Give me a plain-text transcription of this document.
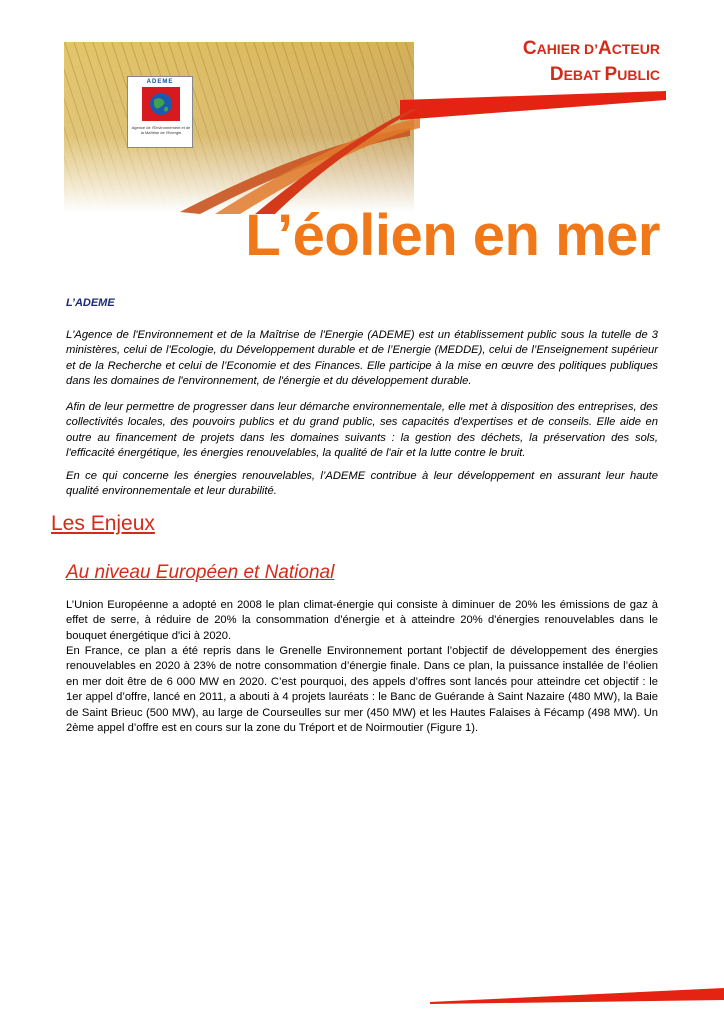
ADEME
Agence de l'Environnement et de la Maîtrise de l'Energie
CAHIER D’ACTEUR
DEBAT PUBLIC
L’éolien en mer
L’ADEME

L'Agence de l'Environnement et de la Maîtrise de l'Energie (ADEME) est un établissement public sous la tutelle de 3 ministères, celui de l'Ecologie, du Développement durable et de l’Energie (MEDDE), celui de l’Enseignement supérieur et de la Recherche et celui de l’Economie et des Finances. Elle participe à la mise en œuvre des politiques publiques dans les domaines de l'environnement, de l'énergie et du développement durable.

Afin de leur permettre de progresser dans leur démarche environnementale, elle met à disposition des entreprises, des collectivités locales, des pouvoirs publics et du grand public, ses capacités d'expertises et de conseils. Elle aide en outre au financement de projets dans les domaines suivants : la gestion des déchets, la préservation des sols, l'efficacité énergétique, les énergies renouvelables, la qualité de l'air et la lutte contre le bruit.

En ce qui concerne les énergies renouvelables, l’ADEME contribue à leur développement en assurant leur haute qualité environnementale et leur durabilité.

Les Enjeux
Au niveau Européen et National

L’Union Européenne a adopté en 2008 le plan climat-énergie qui consiste à diminuer de 20% les émissions de gaz à effet de serre, à réduire de 20% la consommation d'énergie et à atteindre 20% d'énergies renouvelables dans le bouquet énergétique d'ici à 2020.

En France, ce plan a été repris dans le Grenelle Environnement portant l’objectif de développement des énergies renouvelables en 2020 à 23% de notre consommation d’énergie finale. Dans ce plan, la puissance installée de l’éolien en mer doit être de 6 000 MW en 2020. C’est pourquoi, des appels d’offres sont lancés pour atteindre cet objectif : le 1er appel d’offre, lancé en 2011, a abouti à 4 projets lauréats : le Banc de Guérande à Saint Nazaire (480 MW), la Baie de Saint Brieuc (500 MW), au large de Courseulles sur mer (450 MW) et les Hautes Falaises à Fécamp (498 MW). Un 2ème appel d’offre est en cours sur la zone du Tréport et de Noirmoutier (Figure 1).
